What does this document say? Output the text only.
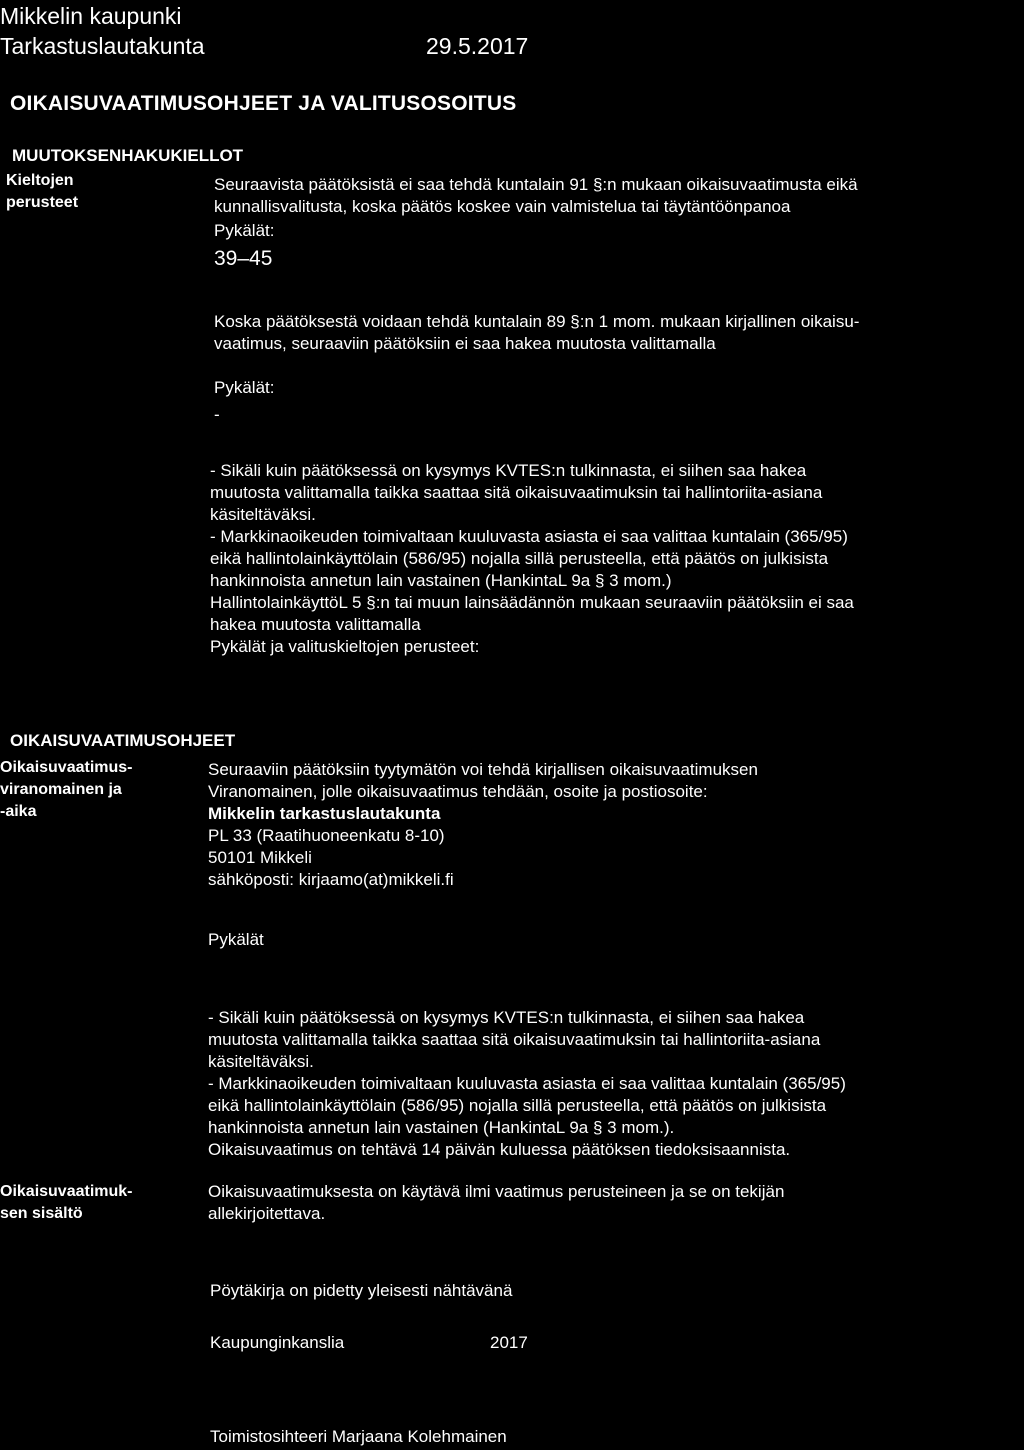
Mikkelin kaupunki
Tarkastuslautakunta	29.5.2017
OIKAISUVAATIMUSOHJEET JA VALITUSOSOITUS
MUUTOKSENHAKUKIELLOT
Kieltojen
perusteet
Seuraavista päätöksistä ei saa tehdä kuntalain 91 §:n mukaan oikaisuvaatimusta eikä
kunnallisvalitusta, koska päätös koskee vain valmistelua tai täytäntöönpanoa
Pykälät:
39–45
Koska päätöksestä voidaan tehdä kuntalain 89 §:n 1 mom. mukaan kirjallinen oikaisu-
vaatimus, seuraaviin päätöksiin ei saa hakea muutosta valittamalla
Pykälät:
-
- Sikäli kuin päätöksessä on kysymys KVTES:n tulkinnasta, ei siihen saa hakea
muutosta valittamalla taikka saattaa sitä oikaisuvaatimuksin tai hallintoriita-asiana
käsiteltäväksi.
- Markkinaoikeuden toimivaltaan kuuluvasta asiasta ei saa valittaa kuntalain (365/95)
eikä hallintolainkäyttölain (586/95) nojalla sillä perusteella, että päätös on julkisista
hankinnoista annetun lain vastainen (HankintaL 9a § 3 mom.)
HallintolainkäyttöL 5 §:n tai muun lainsäädännön mukaan seuraaviin päätöksiin ei saa
hakea muutosta valittamalla
Pykälät ja valituskieltojen perusteet:
OIKAISUVAATIMUSOHJEET
Oikaisuvaatimus-
viranomainen ja
-aika
Seuraaviin päätöksiin tyytymätön voi tehdä kirjallisen oikaisuvaatimuksen
Viranomainen, jolle oikaisuvaatimus tehdään, osoite ja postiosoite:
Mikkelin tarkastuslautakunta
PL 33 (Raatihuoneenkatu 8-10)
50101 Mikkeli
sähköposti: kirjaamo(at)mikkeli.fi
Pykälät
- Sikäli kuin päätöksessä on kysymys KVTES:n tulkinnasta, ei siihen saa hakea
muutosta valittamalla taikka saattaa sitä oikaisuvaatimuksin tai hallintoriita-asiana
käsiteltäväksi.
- Markkinaoikeuden toimivaltaan kuuluvasta asiasta ei saa valittaa kuntalain (365/95)
eikä hallintolainkäyttölain (586/95) nojalla sillä perusteella, että päätös on julkisista
hankinnoista annetun lain vastainen (HankintaL 9a § 3 mom.).
Oikaisuvaatimus on tehtävä 14 päivän kuluessa päätöksen tiedoksisaannista.
Oikaisuvaatimuk-
sen sisältö
Oikaisuvaatimuksesta on käytävä ilmi vaatimus perusteineen ja se on tekijän
allekirjoitettava.
Pöytäkirja on pidetty yleisesti nähtävänä
Kaupunginkanslia	2017
Toimistosihteeri Marjaana Kolehmainen
